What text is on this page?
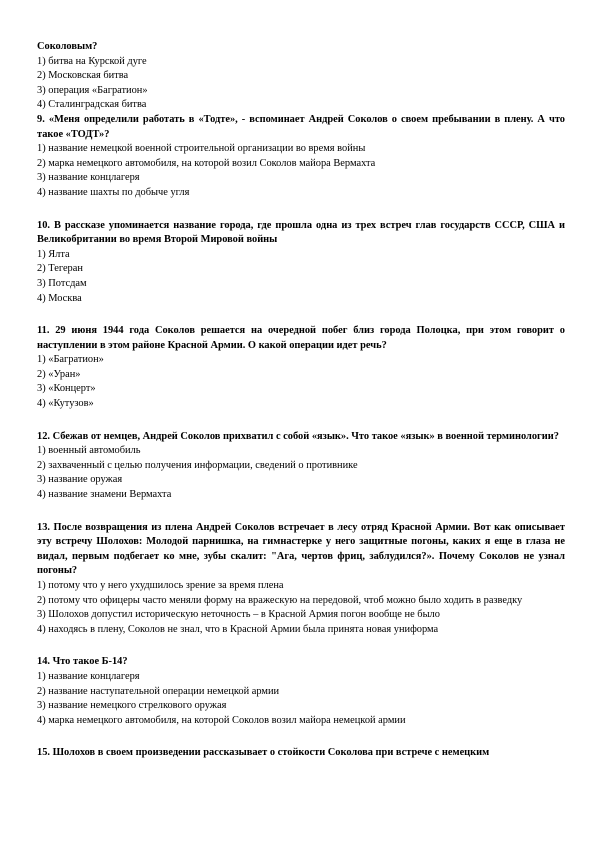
Соколовым?

1) битва на Курской дуге

2) Московская битва

3) операция «Багратион»

4) Сталинградская битва

9. «Меня определили работать в «Тодте», - вспоминает Андрей Соколов о своем пребывании в плену. А что такое «ТОДТ»?

1) название немецкой военной строительной организации во время войны

2) марка немецкого автомобиля, на которой возил Соколов майора Вермахта

3) название концлагеря

4) название шахты по добыче угля

10. В рассказе упоминается название города, где прошла одна из трех встреч глав государств СССР, США и Великобритании во время Второй Мировой войны

1) Ялта

2) Тегеран

3) Потсдам

4) Москва

11. 29 июня 1944 года Соколов решается на очередной побег близ города Полоцка, при этом говорит о наступлении в этом районе Красной Армии. О какой операции идет речь?

1) «Багратион»

2) «Уран»

3) «Концерт»

4) «Кутузов»

12. Сбежав от немцев, Андрей Соколов прихватил с собой «язык». Что такое «язык» в военной терминологии?

1) военный автомобиль

2) захваченный с целью получения информации, сведений о противнике

3) название оружая

4) название знамени Вермахта

13. После возвращения из плена Андрей Соколов встречает в лесу отряд Красной Армии. Вот как описывает эту встречу Шолохов: Молодой парнишка, на гимнастерке у него защитные погоны, каких я еще в глаза не видал, первым подбегает ко мне, зубы скалит: "Ага, чертов фриц, заблудился?». Почему Соколов не узнал погоны?

1) потому что у него ухудшилось зрение за время плена

2) потому что офицеры часто меняли форму на вражескую на передовой, чтоб можно было ходить в разведку

3) Шолохов допустил историческую неточность – в Красной Армия погон вообще не было

4) находясь в плену, Соколов не знал, что в Красной Армии была принята новая униформа

14. Что такое Б-14?

1) название концлагеря

2) название наступательной операции немецкой армии

3) название немецкого стрелкового оружая

4) марка немецкого автомобиля, на которой Соколов возил майора немецкой армии

15. Шолохов в своем произведении рассказывает о стойкости Соколова при встрече с немецким
